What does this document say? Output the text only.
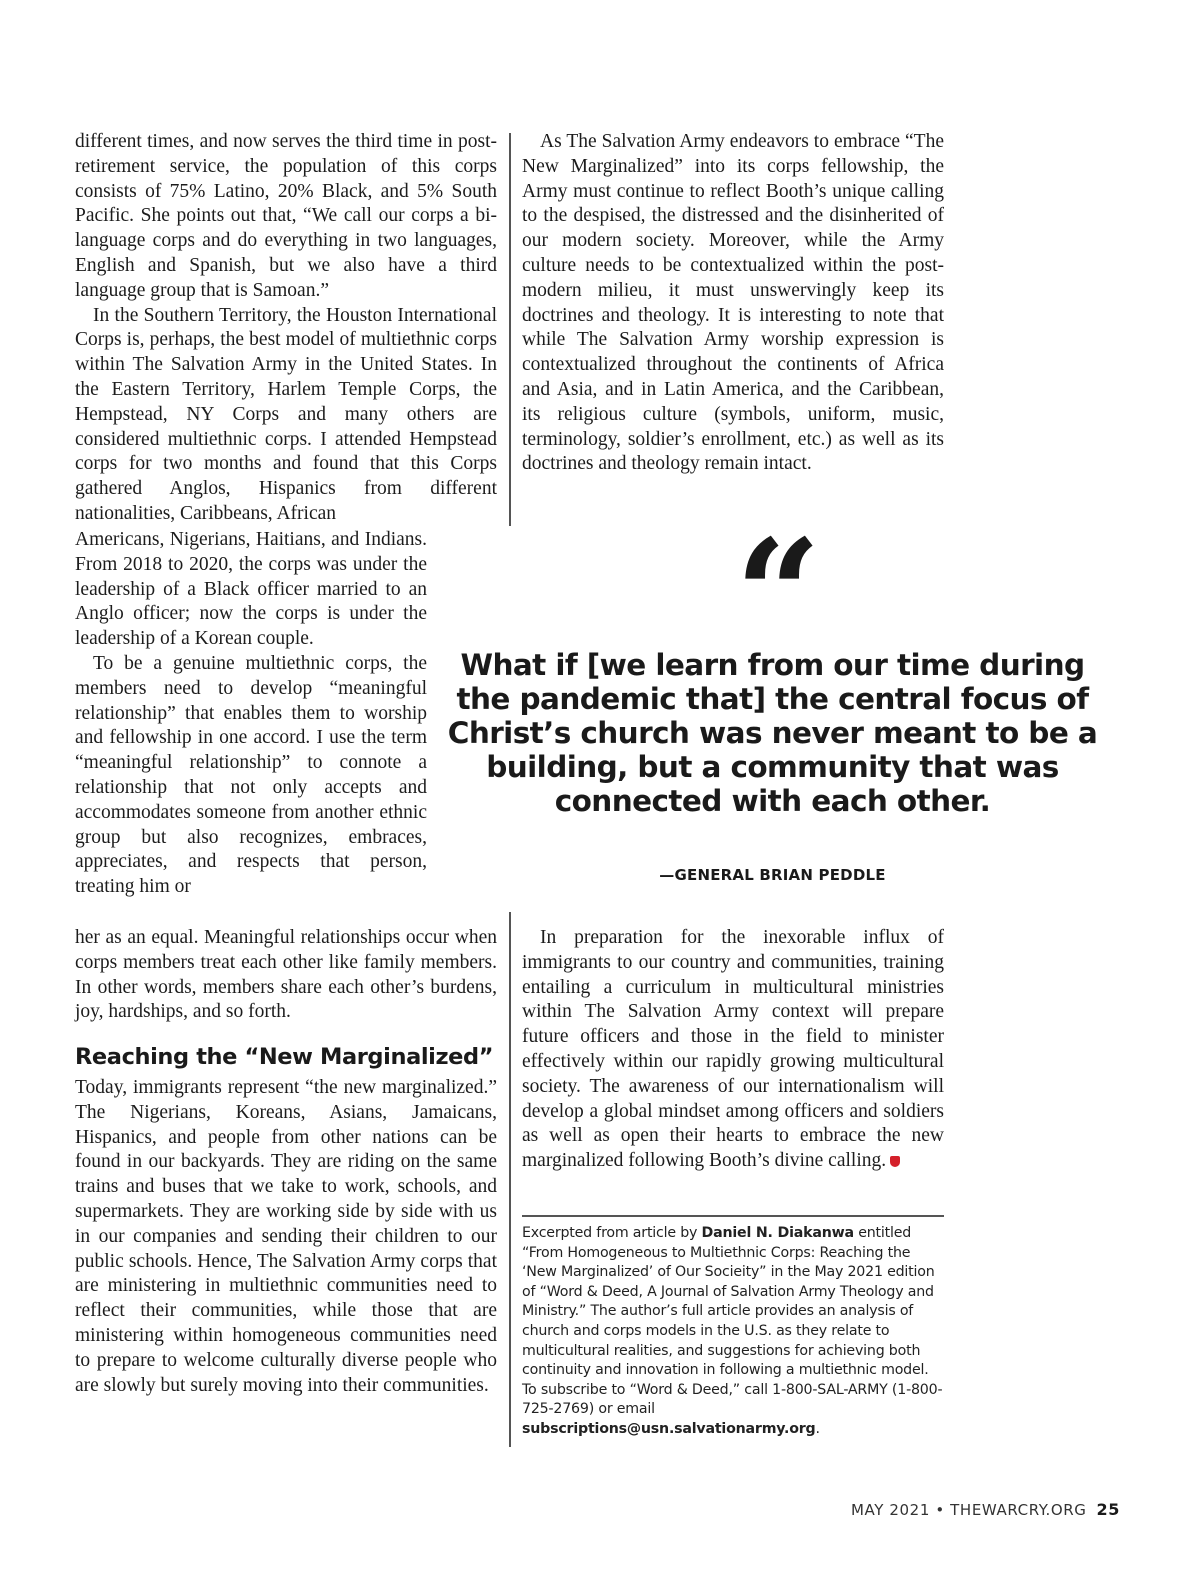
different times, and now serves the third time in post-retirement service, the population of this corps consists of 75% Latino, 20% Black, and 5% South Pacific. She points out that, “We call our corps a bi-language corps and do everything in two languages, English and Spanish, but we also have a third language group that is Samoan.”

In the Southern Territory, the Houston International Corps is, perhaps, the best model of multiethnic corps within The Salvation Army in the United States. In the Eastern Territory, Harlem Temple Corps, the Hempstead, NY Corps and many others are considered multiethnic corps. I attended Hempstead corps for two months and found that this Corps gathered Anglos, Hispanics from different nationalities, Caribbeans, African

Americans, Nigerians, Haitians, and Indians. From 2018 to 2020, the corps was under the leadership of a Black officer married to an Anglo officer; now the corps is under the leadership of a Korean couple.

To be a genuine multiethnic corps, the members need to develop “meaningful relationship” that enables them to worship and fellowship in one accord. I use the term “meaningful relationship” to connote a relationship that not only accepts and accommodates someone from another ethnic group but also recognizes, embraces, appreciates, and respects that person, treating him or

her as an equal. Meaningful relationships occur when corps members treat each other like family members. In other words, members share each other’s burdens, joy, hardships, and so forth.

Reaching the “New Marginalized”

Today, immigrants represent “the new marginalized.” The Nigerians, Koreans, Asians, Jamaicans, Hispanics, and people from other nations can be found in our backyards. They are riding on the same trains and buses that we take to work, schools, and supermarkets. They are working side by side with us in our companies and sending their children to our public schools. Hence, The Salvation Army corps that are ministering in multiethnic communities need to reflect their communities, while those that are ministering within homogeneous communities need to prepare to welcome culturally diverse people who are slowly but surely moving into their communities.

As The Salvation Army endeavors to embrace “The New Marginalized” into its corps fellowship, the Army must continue to reflect Booth’s unique calling to the despised, the distressed and the disinherited of our modern society. Moreover, while the Army culture needs to be contextualized within the post-modern milieu, it must unswervingly keep its doctrines and theology. It is interesting to note that while The Salvation Army worship expression is contextualized throughout the continents of Africa and Asia, and in Latin America, and the Caribbean, its religious culture (symbols, uniform, music, terminology, soldier’s enrollment, etc.) as well as its doctrines and theology remain intact.

“

What if [we learn from our time during the pandemic that] the central focus of Christ’s church was never meant to be a building, but a community that was connected with each other.

—GENERAL BRIAN PEDDLE

In preparation for the inexorable influx of immigrants to our country and communities, training entailing a curriculum in multicultural ministries within The Salvation Army context will prepare future officers and those in the field to minister effectively within our rapidly growing multicultural society. The awareness of our internationalism will develop a global mindset among officers and soldiers as well as open their hearts to embrace the new marginalized following Booth’s divine calling.

Excerpted from article by Daniel N. Diakanwa entitled “From Homogeneous to Multiethnic Corps: Reaching the ‘New Marginalized’ of Our Socieity” in the May 2021 edition of “Word & Deed, A Journal of Salvation Army Theology and Ministry.” The author’s full article provides an analysis of church and corps models in the U.S. as they relate to multicultural realities, and suggestions for achieving both continuity and innovation in following a multiethnic model. To subscribe to “Word & Deed,” call 1-800-SAL-ARMY (1-800-725-2769) or email subscriptions@usn.salvationarmy.org.

MAY 2021 • THEWARCRY.ORG 25
